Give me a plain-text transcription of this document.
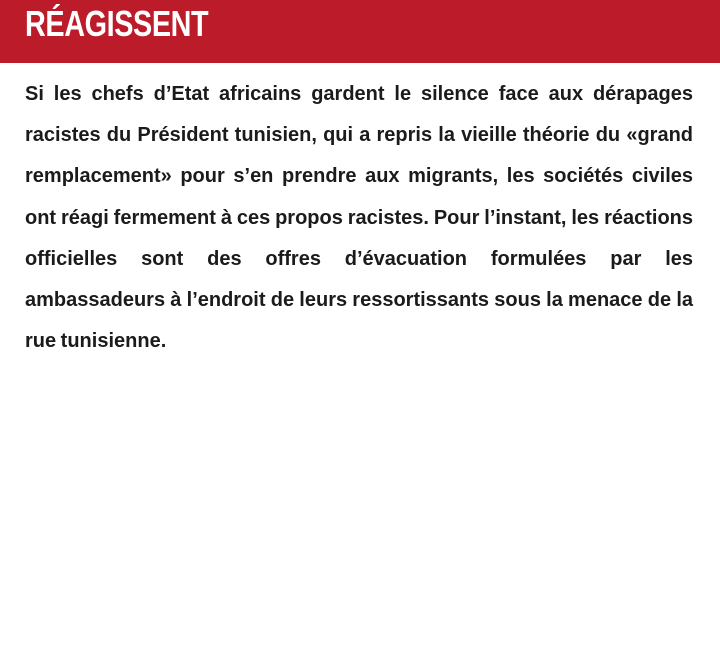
RÉAGISSENT

Si les chefs d’Etat africains gardent le silence face aux dérapages racistes du Président tunisien, qui a repris la vieille théorie du «grand remplacement» pour s’en prendre aux migrants, les sociétés civiles ont réagi fermement à ces propos racistes. Pour l’instant, les réactions officielles sont des offres d’évacuation formulées par les ambassadeurs à l’endroit de leurs ressortissants sous la menace de la rue tunisienne.
